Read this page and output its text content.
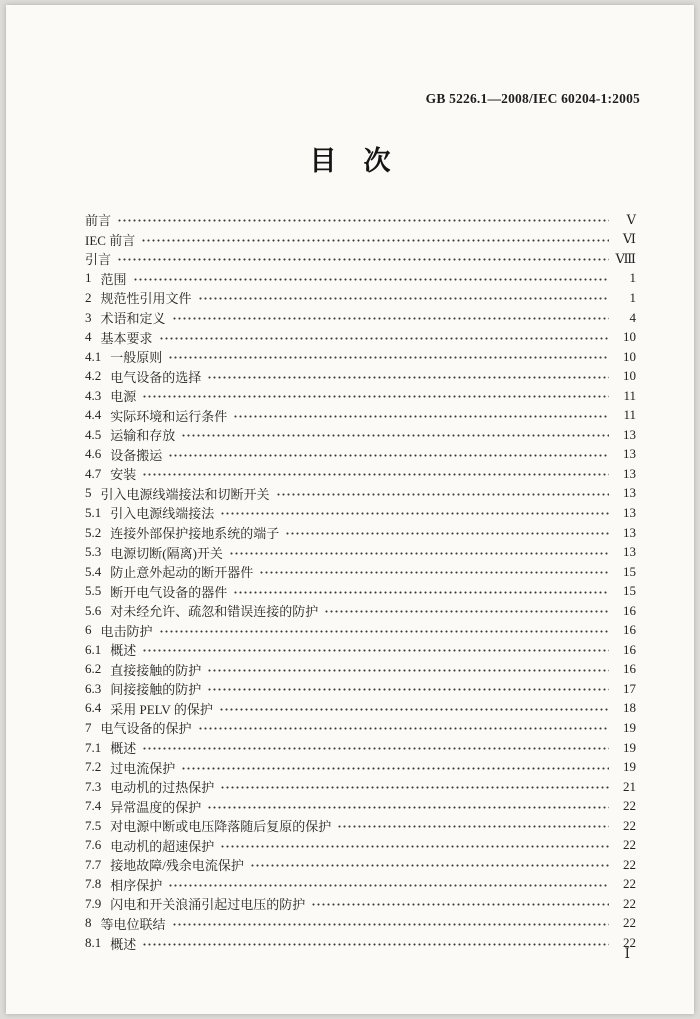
GB 5226.1—2008/IEC 60204-1:2005
目　次
前言	Ⅴ
IEC 前言	Ⅵ
引言	Ⅷ
1 范围	1
2 规范性引用文件	1
3 术语和定义	4
4 基本要求	10
4.1 一般原则	10
4.2 电气设备的选择	10
4.3 电源	11
4.4 实际环境和运行条件	11
4.5 运输和存放	13
4.6 设备搬运	13
4.7 安装	13
5 引入电源线端接法和切断开关	13
5.1 引入电源线端接法	13
5.2 连接外部保护接地系统的端子	13
5.3 电源切断(隔离)开关	13
5.4 防止意外起动的断开器件	15
5.5 断开电气设备的器件	15
5.6 对未经允许、疏忽和错误连接的防护	16
6 电击防护	16
6.1 概述	16
6.2 直接接触的防护	16
6.3 间接接触的防护	17
6.4 采用 PELV 的保护	18
7 电气设备的保护	19
7.1 概述	19
7.2 过电流保护	19
7.3 电动机的过热保护	21
7.4 异常温度的保护	22
7.5 对电源中断或电压降落随后复原的保护	22
7.6 电动机的超速保护	22
7.7 接地故障/残余电流保护	22
7.8 相序保护	22
7.9 闪电和开关浪涌引起过电压的防护	22
8 等电位联结	22
8.1 概述	22
Ⅰ
